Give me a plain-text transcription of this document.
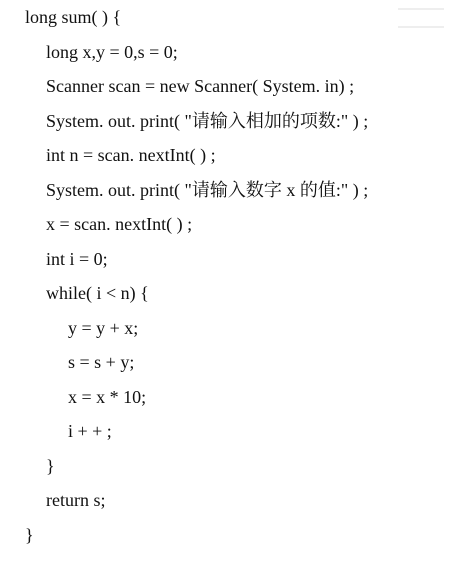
long sum( ) {
long x,y = 0,s = 0;
Scanner scan = new Scanner( System. in) ;
System. out. print( "请输入相加的项数:" ) ;
int n = scan. nextInt( ) ;
System. out. print( "请输入数字 x 的值:" ) ;
x = scan. nextInt( ) ;
int i = 0;
while( i < n) {
y = y + x;
s = s + y;
x = x * 10;
i + + ;
}
return s;
}
